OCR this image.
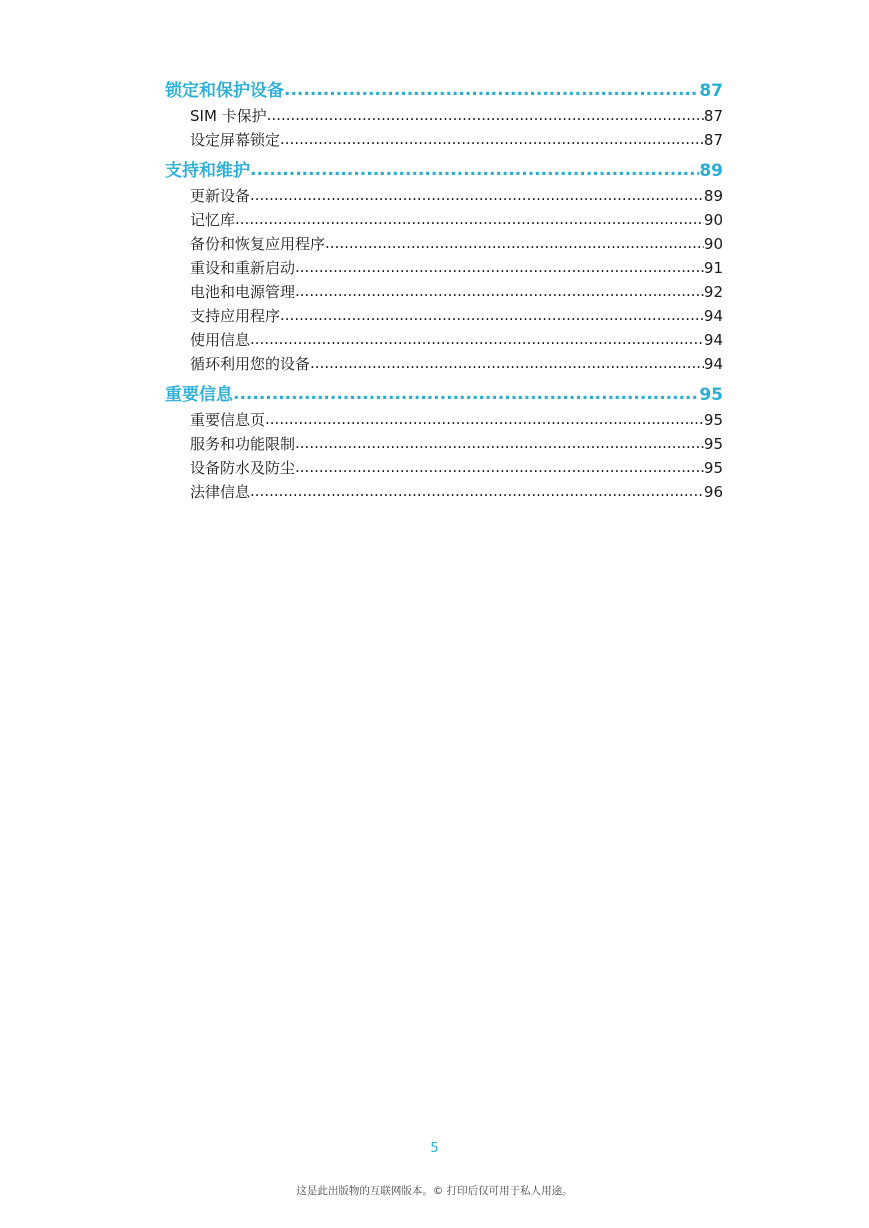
锁定和保护设备 .....	87
SIM 卡保护 .....	87
设定屏幕锁定 .....	87
支持和维护 .....	89
更新设备 .....	89
记忆库 .....	90
备份和恢复应用程序 .....	90
重设和重新启动 .....	91
电池和电源管理 .....	92
支持应用程序 .....	94
使用信息 .....	94
循环利用您的设备 .....	94
重要信息 .....	95
重要信息页 .....	95
服务和功能限制 .....	95
设备防水及防尘 .....	95
法律信息 .....	96
5
这是此出版物的互联网版本。© 打印后仅可用于私人用途。
